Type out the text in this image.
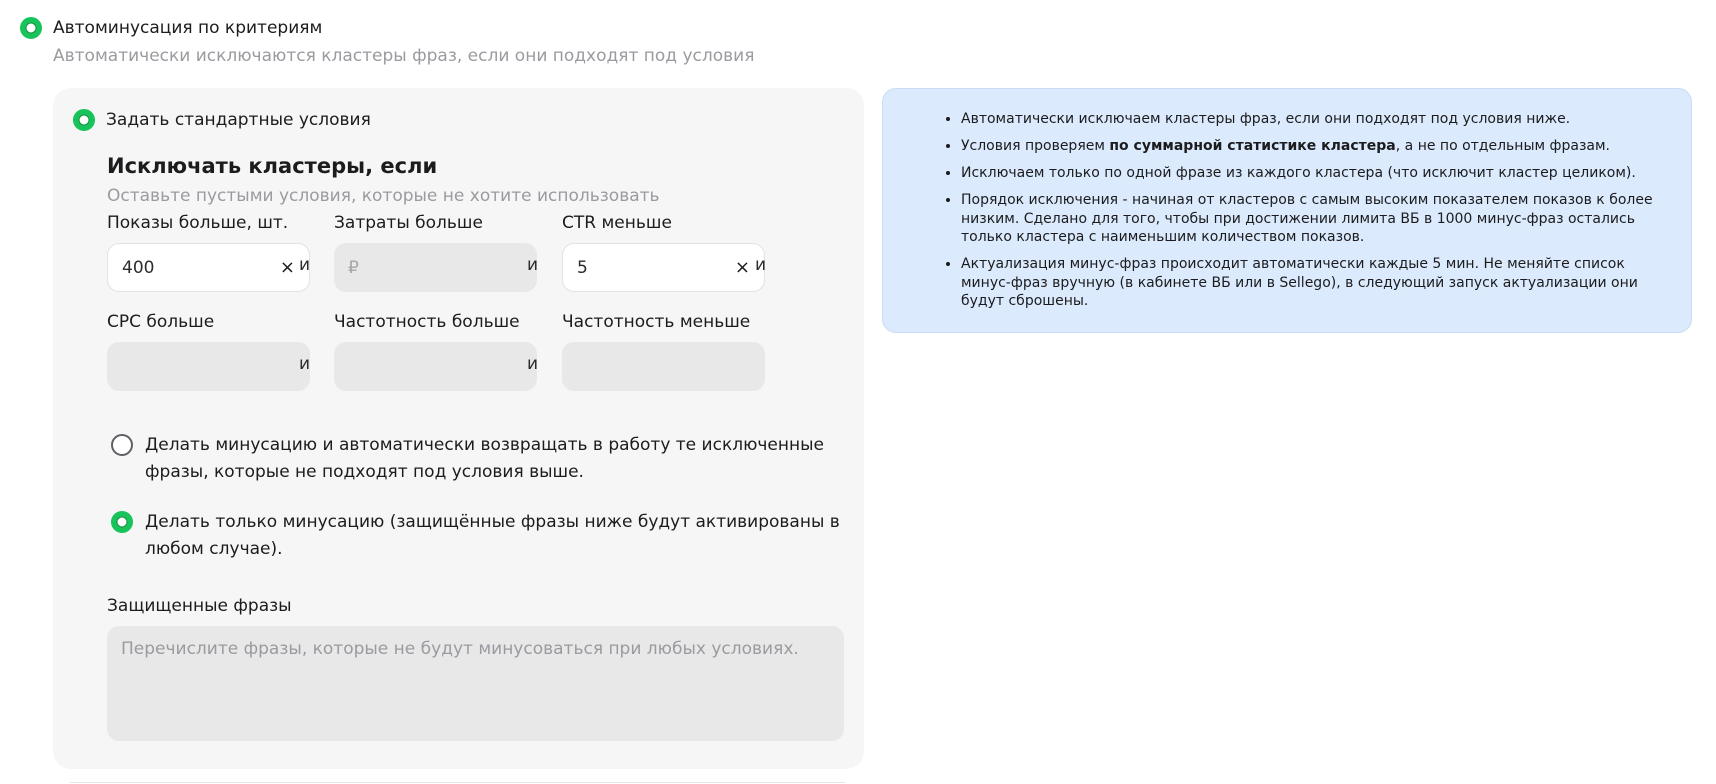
Автоминусация по критериям
Автоматически исключаются кластеры фраз, если они подходят под условия
Задать стандартные условия
Исключать кластеры, если
Оставьте пустыми условия, которые не хотите использовать
Показы больше, шт.
400	× и
Затраты больше
₽	и
CTR меньше
5	× и
CPC больше
и
Частотность больше
и
Частотность меньше
Делать минусацию и автоматически возвращать в работу те исключенные фразы, которые не подходят под условия выше.
Делать только минусацию (защищённые фразы ниже будут активированы в любом случае).
Защищенные фразы
Перечислите фразы, которые не будут минусоваться при любых условиях.
• Автоматически исключаем кластеры фраз, если они подходят под условия ниже.
• Условия проверяем по суммарной статистике кластера, а не по отдельным фразам.
• Исключаем только по одной фразе из каждого кластера (что исключит кластер целиком).
• Порядок исключения - начиная от кластеров с самым высоким показателем показов к более низким. Сделано для того, чтобы при достижении лимита ВБ в 1000 минус-фраз остались только кластера с наименьшим количеством показов.
• Актуализация минус-фраз происходит автоматически каждые 5 мин. Не меняйте список минус-фраз вручную (в кабинете ВБ или в Sellego), в следующий запуск актуализации они будут сброшены.
